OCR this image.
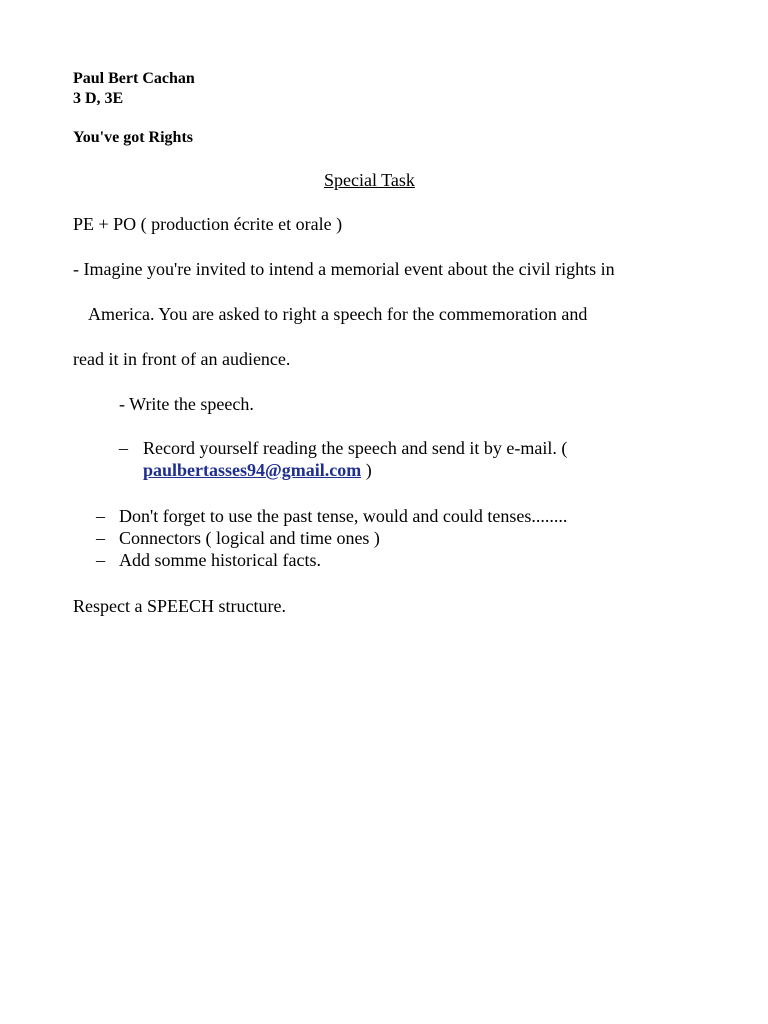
Paul Bert Cachan
3 D, 3E
You've got Rights
Special Task
PE + PO ( production écrite et orale )
- Imagine you're invited to intend a memorial event about the civil rights in
America. You are asked to right a speech for the commemoration and
read it in front of an audience.
- Write the speech.
– Record yourself reading the speech and send it by e-mail. (
paulbertasses94@gmail.com )
– Don't forget to use the past tense, would and could tenses........
– Connectors ( logical and time ones )
– Add somme historical facts.
Respect a SPEECH structure.
